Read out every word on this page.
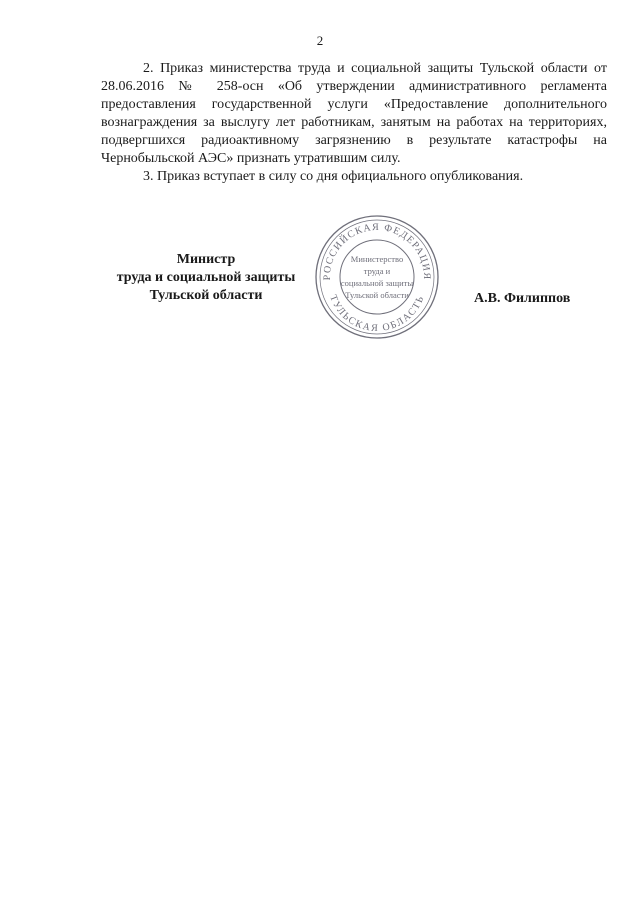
2

2. Приказ министерства труда и социальной защиты Тульской области от 28.06.2016 № 258-осн «Об утверждении административного регламента предоставления государственной услуги «Предоставление дополнительного вознаграждения за выслугу лет работникам, занятым на работах на территориях, подвергшихся радиоактивному загрязнению в результате катастрофы на Чернобыльской АЭС» признать утратившим силу.

3. Приказ вступает в силу со дня официального опубликования.

Министр
труда и социальной защиты
Тульской области
РОССИЙСКАЯ ФЕДЕРАЦИЯ
ТУЛЬСКАЯ ОБЛАСТЬ
Министерство
труда и
социальной защиты
Тульской области	А.В. Филиппов
